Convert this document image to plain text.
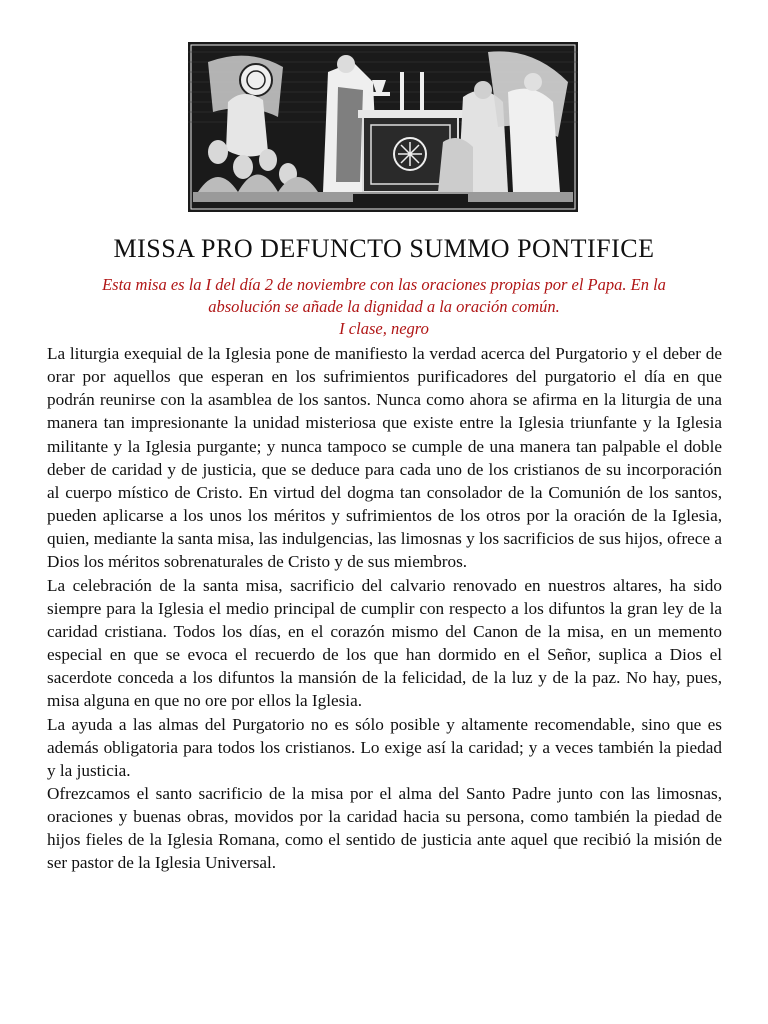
MISSA PRO DEFUNCTO SUMMO PONTIFICE
Esta misa es la I del día 2 de noviembre con las oraciones propias por el Papa. En la
absolución se añade la dignidad a la oración común.
I clase, negro

La liturgia exequial de la Iglesia pone de manifiesto la verdad acerca del Purgatorio y el deber de orar por aquellos que esperan en los sufrimientos purificadores del purgatorio el día en que podrán reunirse con la asamblea de los santos. Nunca como ahora se afirma en la liturgia de una manera tan impresionante la unidad misteriosa que existe entre la Iglesia triunfante y la Iglesia militante y la Iglesia purgante; y nunca tampoco se cumple de una manera tan palpable el doble deber de caridad y de justicia, que se deduce para cada uno de los cristianos de su incorporación al cuerpo místico de Cristo. En virtud del dogma tan consolador de la Comunión de los santos, pueden aplicarse a los unos los méritos y sufrimientos de los otros por la oración de la Iglesia, quien, mediante la santa misa, las indulgencias, las limosnas y los sacrificios de sus hijos, ofrece a Dios los méritos sobrenaturales de Cristo y de sus miembros.

La celebración de la santa misa, sacrificio del calvario renovado en nuestros altares, ha sido siempre para la Iglesia el medio principal de cumplir con respecto a los difuntos la gran ley de la caridad cristiana. Todos los días, en el corazón mismo del Canon de la misa, en un memento especial en que se evoca el recuerdo de los que han dormido en el Señor, suplica a Dios el sacerdote conceda a los difuntos la mansión de la felicidad, de la luz y de la paz. No hay, pues, misa alguna en que no ore por ellos la Iglesia.

La ayuda a las almas del Purgatorio no es sólo posible y altamente recomendable, sino que es además obligatoria para todos los cristianos. Lo exige así la caridad; y a veces también la piedad y la justicia.

Ofrezcamos el santo sacrificio de la misa por el alma del Santo Padre junto con las limosnas, oraciones y buenas obras, movidos por la caridad hacia su persona, como también la piedad de hijos fieles de la Iglesia Romana, como el sentido de justicia ante aquel que recibió la misión de ser pastor de la Iglesia Universal.
